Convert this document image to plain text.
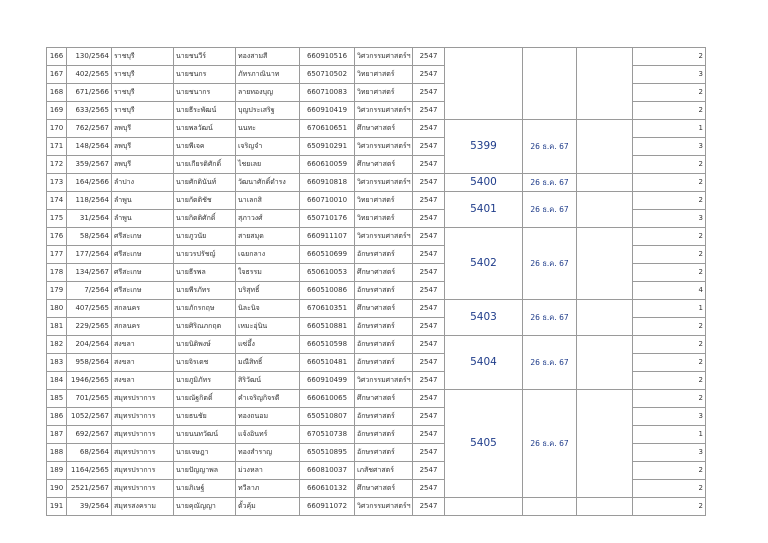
166	130/2564	ราชบุรี	นายชนวีร์	ทองสามสี	660910516	วิศวกรรมศาสตร์ฯ	2547				2
167	402/2565	ราชบุรี	นายชนกร	ภัทรภาณินาท	650710502	วิทยาศาสตร์	2547				3
168	671/2566	ราชบุรี	นายชนากร	ลายทองบุญ	660710083	วิทยาศาสตร์	2547				2
169	633/2565	ราชบุรี	นายธีระพัฒน์	บุญประเสริฐ	660910419	วิศวกรรมศาสตร์ฯ	2547				2
170	762/2567	ลพบุรี	นายพลวัฒน์	นนทะ	670610651	ศึกษาศาสตร์	2547	5399	26 ธ.ค. 67		1
171	148/2564	ลพบุรี	นายพีเจค	เจริญจำ	650910291	วิศวกรรมศาสตร์ฯ	2547				3
172	359/2567	ลพบุรี	นายเกียรติศักดิ์	ไชยเลย	660610059	ศึกษาศาสตร์	2547				2
173	164/2566	ลำปาง	นายศักดินันท์	วัฒนาศักดิ์ดำรง	660910818	วิศวกรรมศาสตร์ฯ	2547	5400	26 ธ.ค. 67		2
174	118/2564	ลำพูน	นายกัตติชัช	นาเลกสิ	660710010	วิทยาศาสตร์	2547	5401	26 ธ.ค. 67		2
175	31/2564	ลำพูน	นายกิตติศักดิ์	สุภาวงศ์	650710176	วิทยาศาสตร์	2547				3
176	58/2564	ศรีสะเกษ	นายภูวนัย	สายสมุด	660911107	วิศวกรรมศาสตร์ฯ	2547	5402	26 ธ.ค. 67		2
177	177/2564	ศรีสะเกษ	นายวรปรัชญ์	เฉยกลาง	660510699	อักษรศาสตร์	2547				2
178	134/2567	ศรีสะเกษ	นายธีรพล	ใจธรรม	650610053	ศึกษาศาสตร์	2547				2
179	7/2564	ศรีสะเกษ	นายพีรภัทร	บริสุทธิ์	660510086	อักษรศาสตร์	2547				4
180	407/2565	สกลนคร	นายภักรกฤษ	นิละนิจ	670610351	ศึกษาศาสตร์	2547	5403	26 ธ.ค. 67		1
181	229/2565	สกลนคร	นายศิริณภกฤต	เหมะอุ่นิน	660510881	อักษรศาสตร์	2547				2
182	204/2564	สงขลา	นายนิติพงษ์	แซ่อึ้ง	660510598	อักษรศาสตร์	2547	5404	26 ธ.ค. 67		2
183	958/2564	สงขลา	นายจิรเดช	มณีสิทธิ์	660510481	อักษรศาสตร์	2547				2
184	1946/2565	สงขลา	นายภูมิภัทร	สิริวัฒน์	660910499	วิศวกรรมศาสตร์ฯ	2547				2
185	701/2565	สมุทรปราการ	นายณัฐกิตติ์	คำเจริญกิจรดี	660610065	ศึกษาศาสตร์	2547	5405	26 ธ.ค. 67		2
186	1052/2567	สมุทรปราการ	นายธนชัย	ทองถนอม	650510807	อักษรศาสตร์	2547				3
187	692/2567	สมุทรปราการ	นายนนทวัฒน์	แจ้งอินทร์	670510738	อักษรศาสตร์	2547				1
188	68/2564	สมุทรปราการ	นายเจษฎา	ทองสำราญ	650510895	อักษรศาสตร์	2547				3
189	1164/2565	สมุทรปราการ	นายปัญญาพล	ม่วงหลา	660810037	เภสัชศาสตร์	2547				2
190	2521/2567	สมุทรปราการ	นายภิเษฐ์	ทวีลาภ	660610132	ศึกษาศาสตร์	2547				2
191	39/2564	สมุทรสงคราม	นายคุณัญญา	ตั้วคุ้ม	660911072	วิศวกรรมศาสตร์ฯ	2547				2
